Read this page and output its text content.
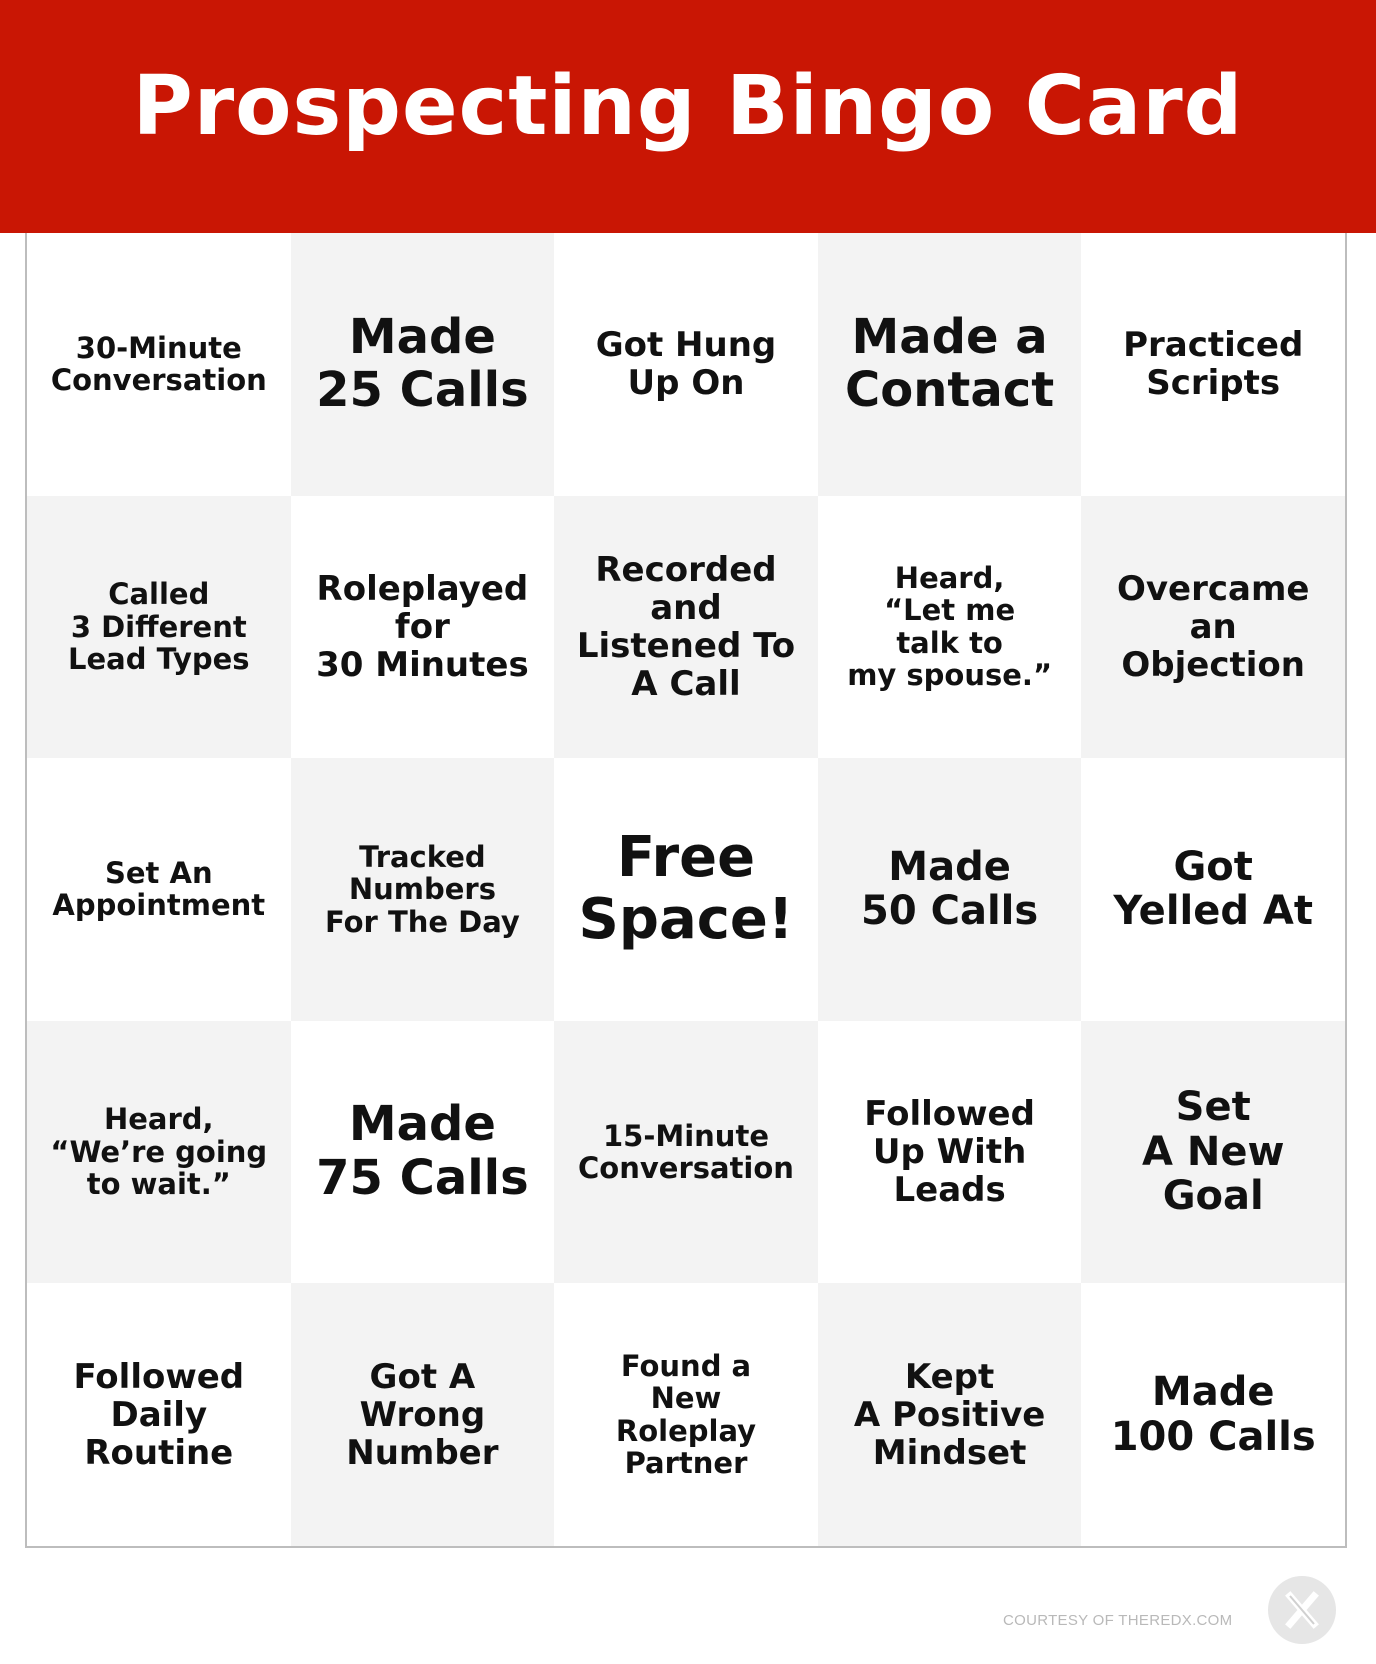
Prospecting Bingo Card
30-Minute
Conversation
Made
25 Calls
Got Hung
Up On
Made a
Contact
Practiced
Scripts
Called
3 Different
Lead Types
Roleplayed
for
30 Minutes
Recorded
and
Listened To
A Call
Heard,
“Let me
talk to
my spouse.”
Overcame
an
Objection
Set An
Appointment
Tracked
Numbers
For The Day
Free
Space!
Made
50 Calls
Got
Yelled At
Heard,
“We’re going
to wait.”
Made
75 Calls
15-Minute
Conversation
Followed
Up With
Leads
Set
A New
Goal
Followed
Daily
Routine
Got A
Wrong
Number
Found a
New
Roleplay
Partner
Kept
A Positive
Mindset
Made
100 Calls
COURTESY OF THEREDX.COM
